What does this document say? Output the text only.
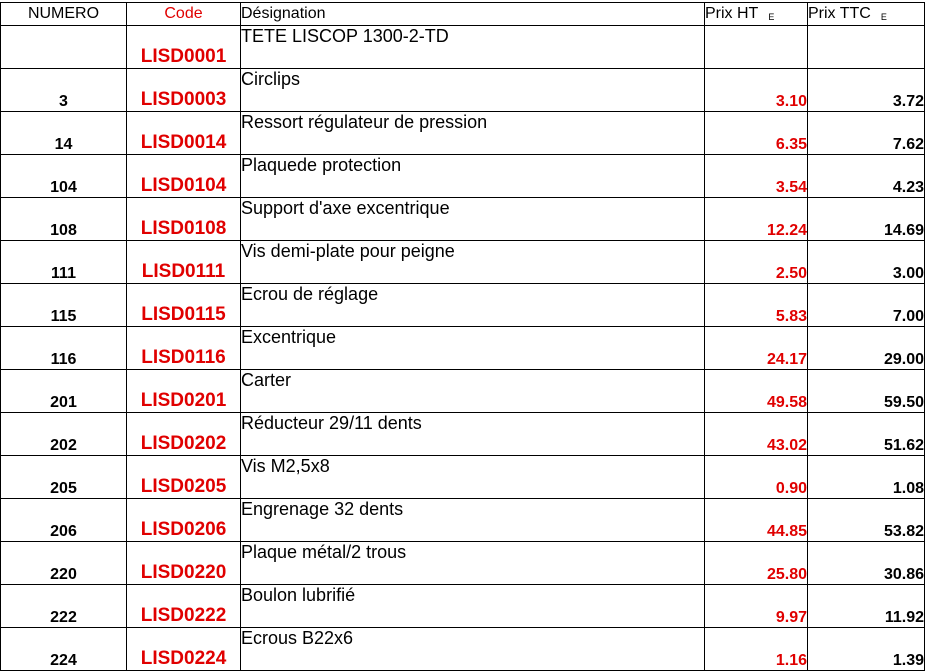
NUMERO	Code	Désignation	Prix HT E	Prix TTC E
	LISD0001	TETE LISCOP 1300-2-TD		
3	LISD0003	Circlips	3.10	3.72
14	LISD0014	Ressort régulateur de pression	6.35	7.62
104	LISD0104	Plaquede protection	3.54	4.23
108	LISD0108	Support d'axe excentrique	12.24	14.69
111	LISD0111	Vis demi-plate pour peigne	2.50	3.00
115	LISD0115	Ecrou de réglage	5.83	7.00
116	LISD0116	Excentrique	24.17	29.00
201	LISD0201	Carter	49.58	59.50
202	LISD0202	Réducteur 29/11 dents	43.02	51.62
205	LISD0205	Vis M2,5x8	0.90	1.08
206	LISD0206	Engrenage 32 dents	44.85	53.82
220	LISD0220	Plaque métal/2 trous	25.80	30.86
222	LISD0222	Boulon lubrifié	9.97	11.92
224	LISD0224	Ecrous B22x6	1.16	1.39
